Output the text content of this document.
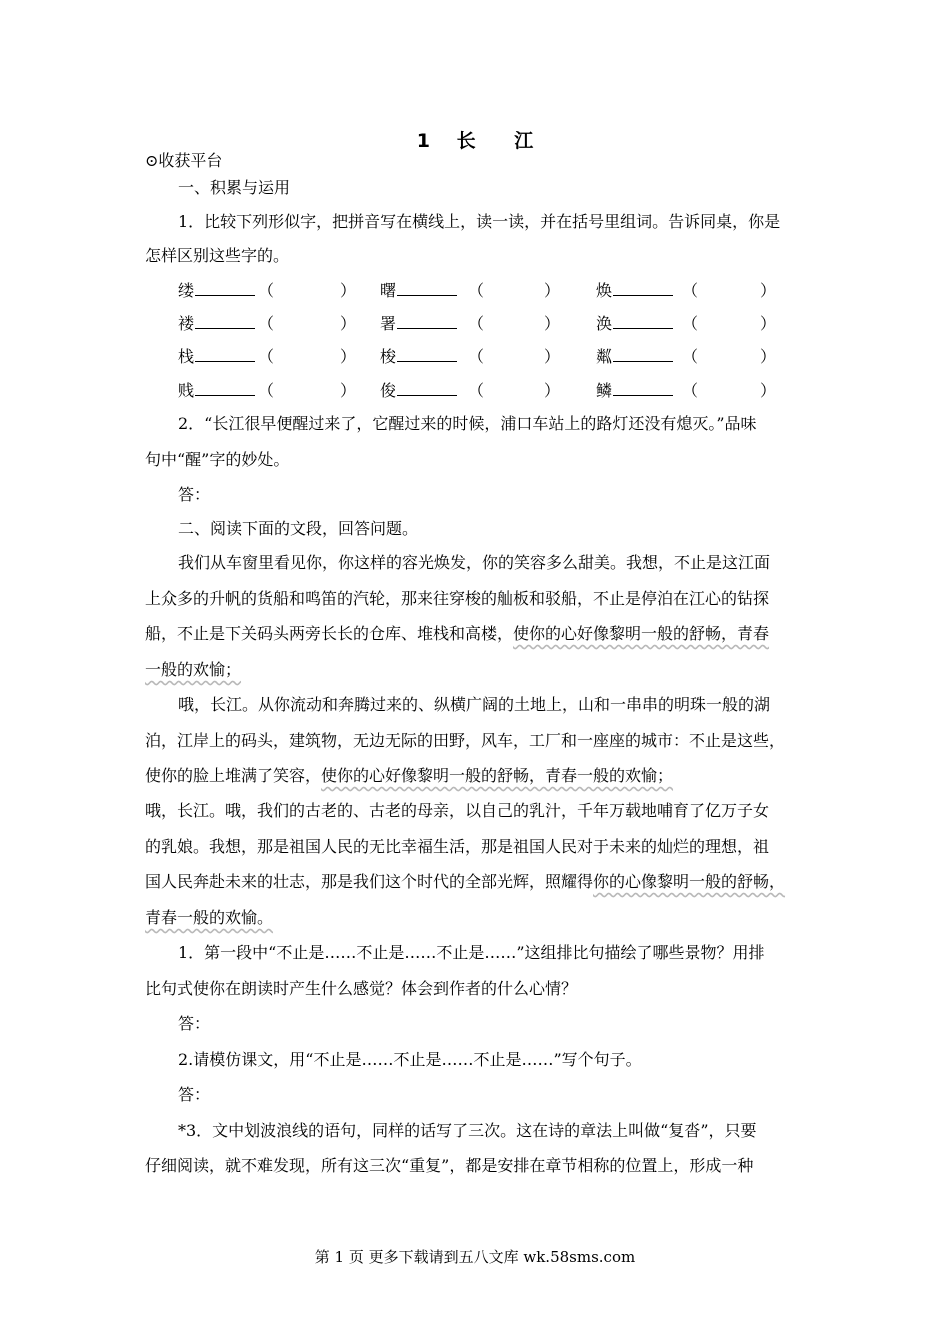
1 长 江
⊙收获平台
一、积累与运用
1．比较下列形似字，把拼音写在横线上，读一读，并在括号里组词。告诉同桌，你是
怎样区别这些字的。
缕	（	） 曙	（	） 焕	（	）
褛	（	） 署	（	） 涣	（	）
栈	（	） 梭	（	） 粼	（	）
贱	（	） 俊	（	） 鳞	（	）
2．“长江很早便醒过来了，它醒过来的时候，浦口车站上的路灯还没有熄灭。”品味
句中“醒”字的妙处。
答：
二、阅读下面的文段，回答问题。
我们从车窗里看见你，你这样的容光焕发，你的笑容多么甜美。我想，不止是这江面
上众多的升帆的货船和鸣笛的汽轮，那来往穿梭的舢板和驳船，不止是停泊在江心的钻探
船，不止是下关码头两旁长长的仓库、堆栈和高楼，使你的心好像黎明一般的舒畅，青春
一般的欢愉；
哦，长江。从你流动和奔腾过来的、纵横广阔的土地上，山和一串串的明珠一般的湖
泊，江岸上的码头，建筑物，无边无际的田野，风车，工厂和一座座的城市：不止是这些，
使你的脸上堆满了笑容，使你的心好像黎明一般的舒畅，青春一般的欢愉；
哦，长江。哦，我们的古老的、古老的母亲，以自己的乳汁，千年万载地哺育了亿万子女
的乳娘。我想，那是祖国人民的无比幸福生活，那是祖国人民对于未来的灿烂的理想，祖
国人民奔赴未来的壮志，那是我们这个时代的全部光辉，照耀得你的心像黎明一般的舒畅，
青春一般的欢愉。
1．第一段中“不止是……不止是……不止是……”这组排比句描绘了哪些景物？用排
比句式使你在朗读时产生什么感觉？体会到作者的什么心情？
答：
2.请模仿课文，用“不止是……不止是……不止是……”写个句子。
答：
*3．文中划波浪线的语句，同样的话写了三次。这在诗的章法上叫做“复沓”，只要
仔细阅读，就不难发现，所有这三次“重复”，都是安排在章节相称的位置上，形成一种
第 1 页 更多下载请到五八文库 wk.58sms.com
